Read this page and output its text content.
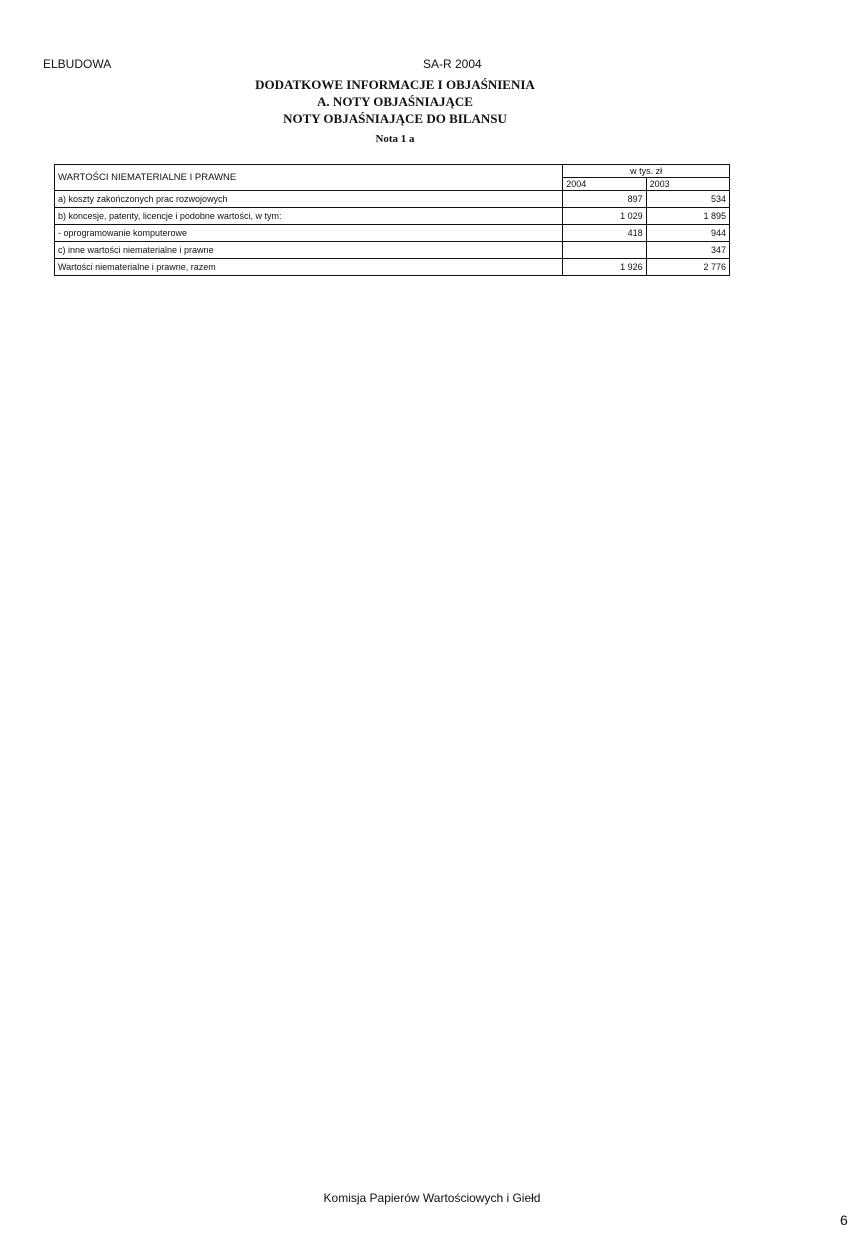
ELBUDOWA	SA-R 2004
DODATKOWE INFORMACJE I OBJAŚNIENIA
A. NOTY OBJAŚNIAJĄCE
NOTY OBJAŚNIAJĄCE DO BILANSU
Nota 1 a
WARTOŚCI NIEMATERIALNE I PRAWNE	w tys. zł	
	2004	2003
a) koszty zakończonych prac rozwojowych	897	534
b) koncesje, patenty, licencje i podobne wartości, w tym:	1 029	1 895
- oprogramowanie komputerowe	418	944
c) inne wartości niematerialne i prawne		347
Wartości niematerialne i prawne, razem	1 926	2 776
Komisja Papierów Wartościowych i Giełd
6
